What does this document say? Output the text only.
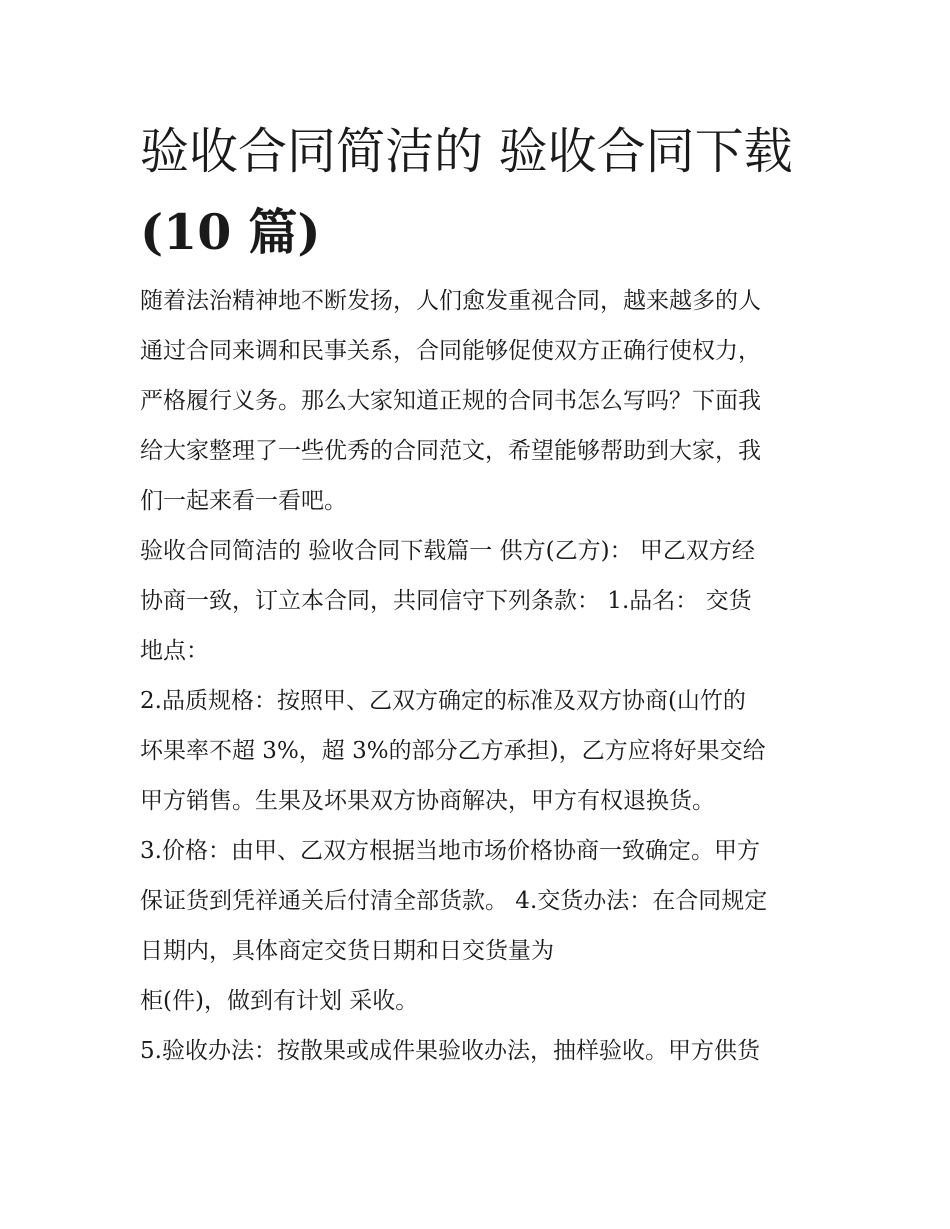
验收合同简洁的 验收合同下载
(10 篇)

随着法治精神地不断发扬，人们愈发重视合同，越来越多的人
通过合同来调和民事关系，合同能够促使双方正确行使权力，
严格履行义务。那么大家知道正规的合同书怎么写吗？下面我
给大家整理了一些优秀的合同范文，希望能够帮助到大家，我
们一起来看一看吧。

验收合同简洁的 验收合同下载篇一 供方(乙方)： 甲乙双方经
协商一致，订立本合同，共同信守下列条款： 1.品名： 交货
地点：

2.品质规格：按照甲、乙双方确定的标准及双方协商(山竹的
坏果率不超 3%，超 3%的部分乙方承担)，乙方应将好果交给
甲方销售。生果及坏果双方协商解决，甲方有权退换货。

3.价格：由甲、乙双方根据当地市场价格协商一致确定。甲方
保证货到凭祥通关后付清全部货款。 4.交货办法：在合同规定
日期内，具体商定交货日期和日交货量为
柜(件)，做到有计划 采收。

5.验收办法：按散果或成件果验收办法，抽样验收。甲方供货
